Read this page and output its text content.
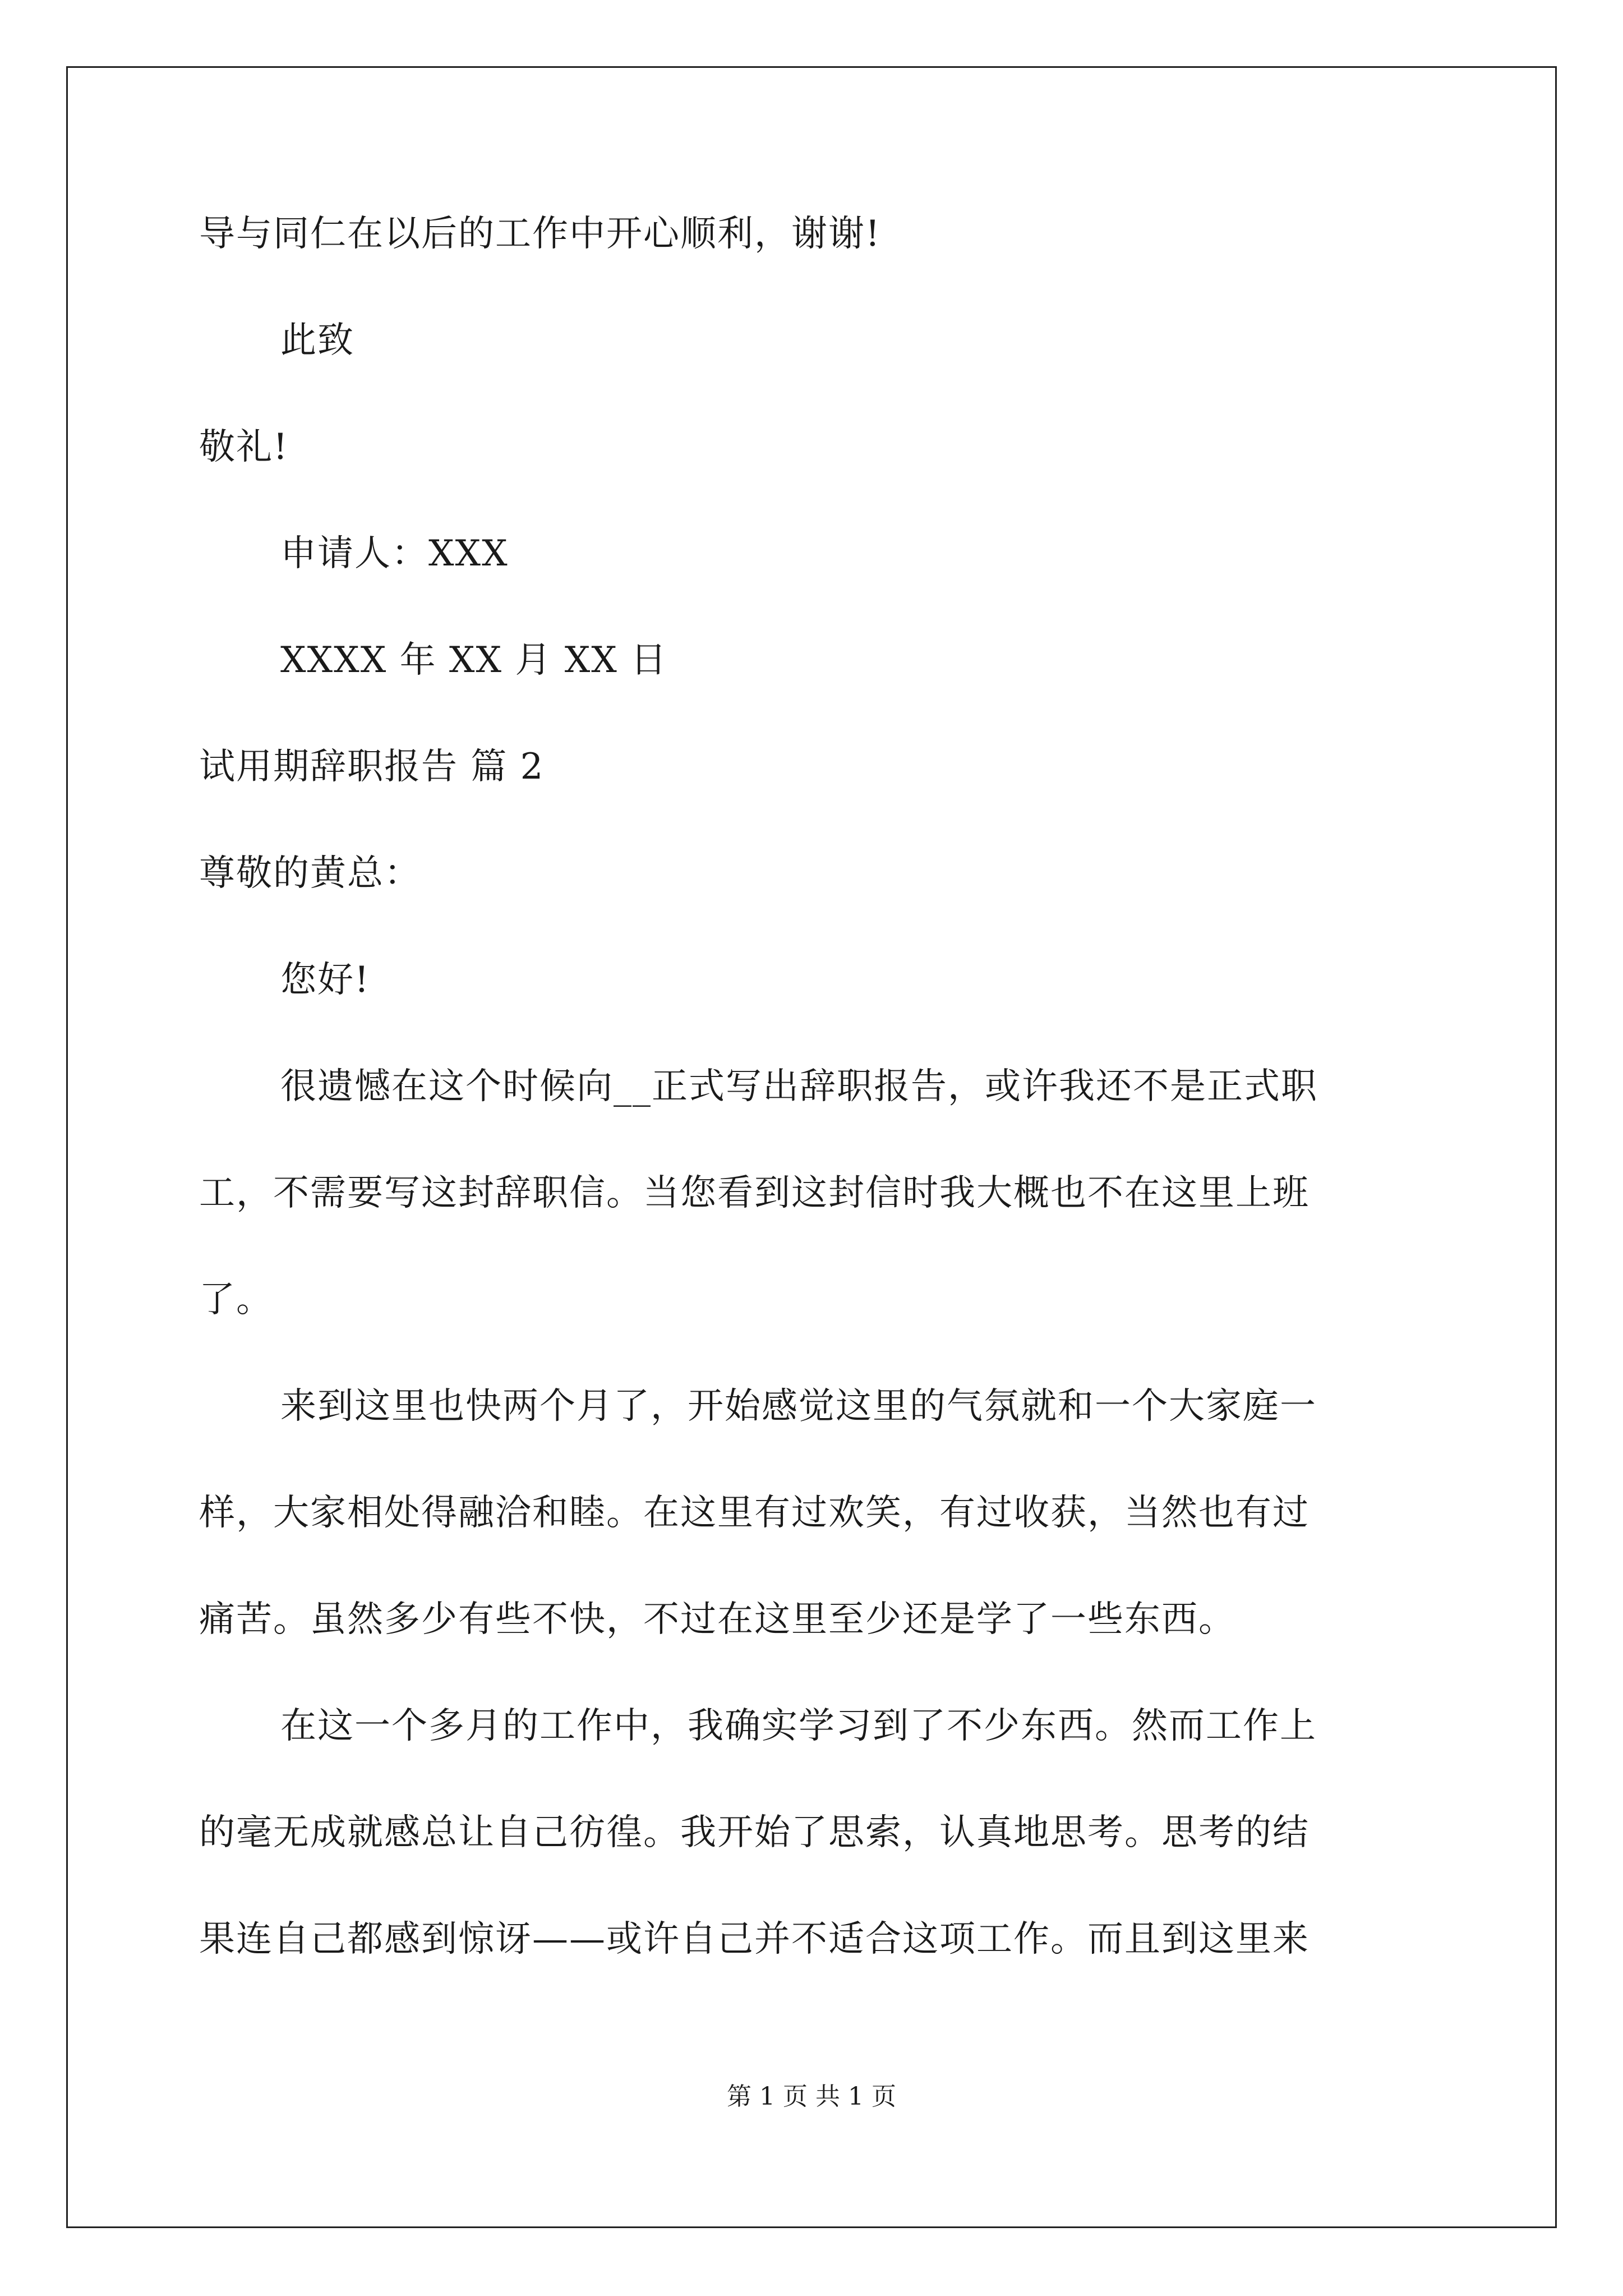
导与同仁在以后的工作中开心顺利，谢谢!
此致
敬礼!
申请人：XXX
XXXX 年 XX 月 XX 日
试用期辞职报告 篇 2
尊敬的黄总：
您好!
很遗憾在这个时候向__正式写出辞职报告，或许我还不是正式职
工，不需要写这封辞职信。当您看到这封信时我大概也不在这里上班
了。
来到这里也快两个月了，开始感觉这里的气氛就和一个大家庭一
样，大家相处得融洽和睦。在这里有过欢笑，有过收获，当然也有过
痛苦。虽然多少有些不快，不过在这里至少还是学了一些东西。
在这一个多月的工作中，我确实学习到了不少东西。然而工作上
的毫无成就感总让自己彷徨。我开始了思索，认真地思考。思考的结
果连自己都感到惊讶——或许自己并不适合这项工作。而且到这里来
第 1 页 共 1 页
